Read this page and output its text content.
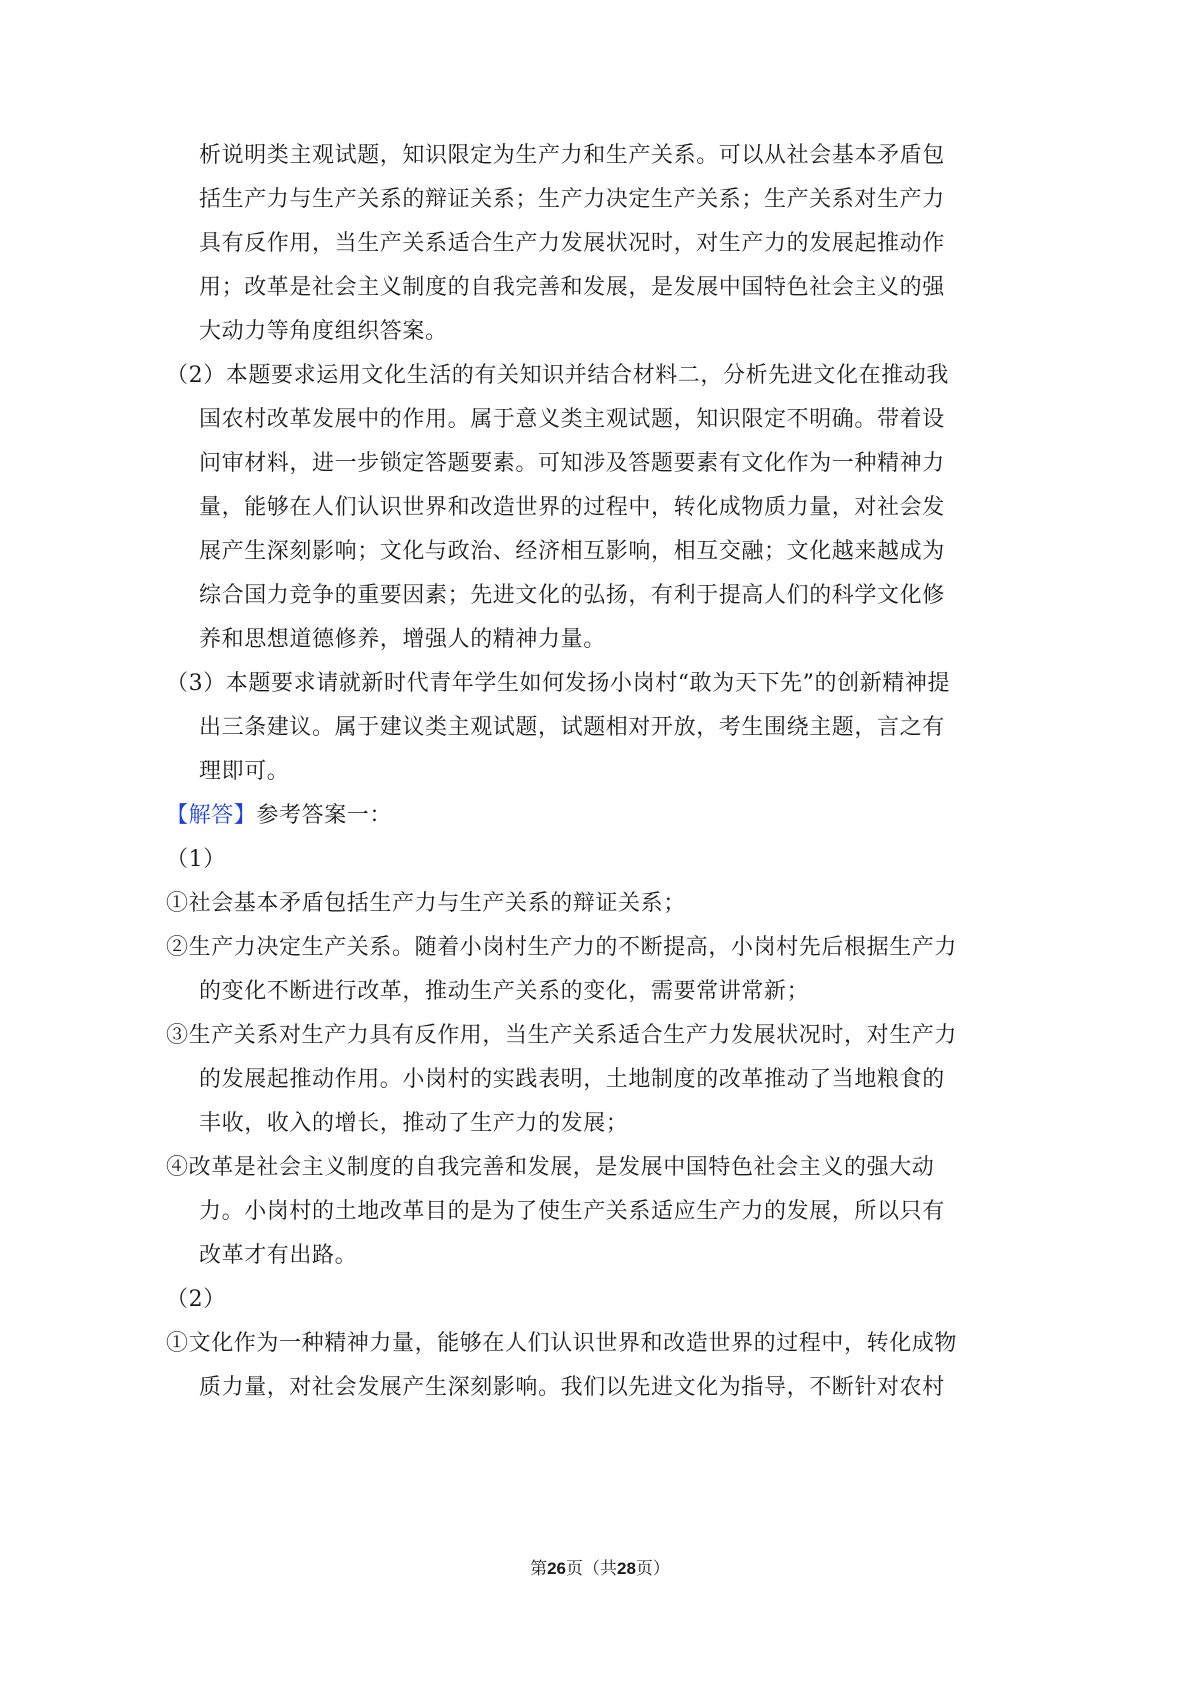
析说明类主观试题，知识限定为生产力和生产关系。可以从社会基本矛盾包
括生产力与生产关系的辩证关系；生产力决定生产关系；生产关系对生产力
具有反作用，当生产关系适合生产力发展状况时，对生产力的发展起推动作
用；改革是社会主义制度的自我完善和发展，是发展中国特色社会主义的强
大动力等角度组织答案。
（2）本题要求运用文化生活的有关知识并结合材料二，分析先进文化在推动我
国农村改革发展中的作用。属于意义类主观试题，知识限定不明确。带着设
问审材料，进一步锁定答题要素。可知涉及答题要素有文化作为一种精神力
量，能够在人们认识世界和改造世界的过程中，转化成物质力量，对社会发
展产生深刻影响；文化与政治、经济相互影响，相互交融；文化越来越成为
综合国力竞争的重要因素；先进文化的弘扬，有利于提高人们的科学文化修
养和思想道德修养，增强人的精神力量。
（3）本题要求请就新时代青年学生如何发扬小岗村“敢为天下先”的创新精神提
出三条建议。属于建议类主观试题，试题相对开放，考生围绕主题，言之有
理即可。
【解答】参考答案一：
（1）
①社会基本矛盾包括生产力与生产关系的辩证关系；
②生产力决定生产关系。随着小岗村生产力的不断提高，小岗村先后根据生产力
的变化不断进行改革，推动生产关系的变化，需要常讲常新；
③生产关系对生产力具有反作用，当生产关系适合生产力发展状况时，对生产力
的发展起推动作用。小岗村的实践表明，土地制度的改革推动了当地粮食的
丰收，收入的增长，推动了生产力的发展；
④改革是社会主义制度的自我完善和发展，是发展中国特色社会主义的强大动
力。小岗村的土地改革目的是为了使生产关系适应生产力的发展，所以只有
改革才有出路。
（2）
①文化作为一种精神力量，能够在人们认识世界和改造世界的过程中，转化成物
质力量，对社会发展产生深刻影响。我们以先进文化为指导，不断针对农村
第26页（共28页）
